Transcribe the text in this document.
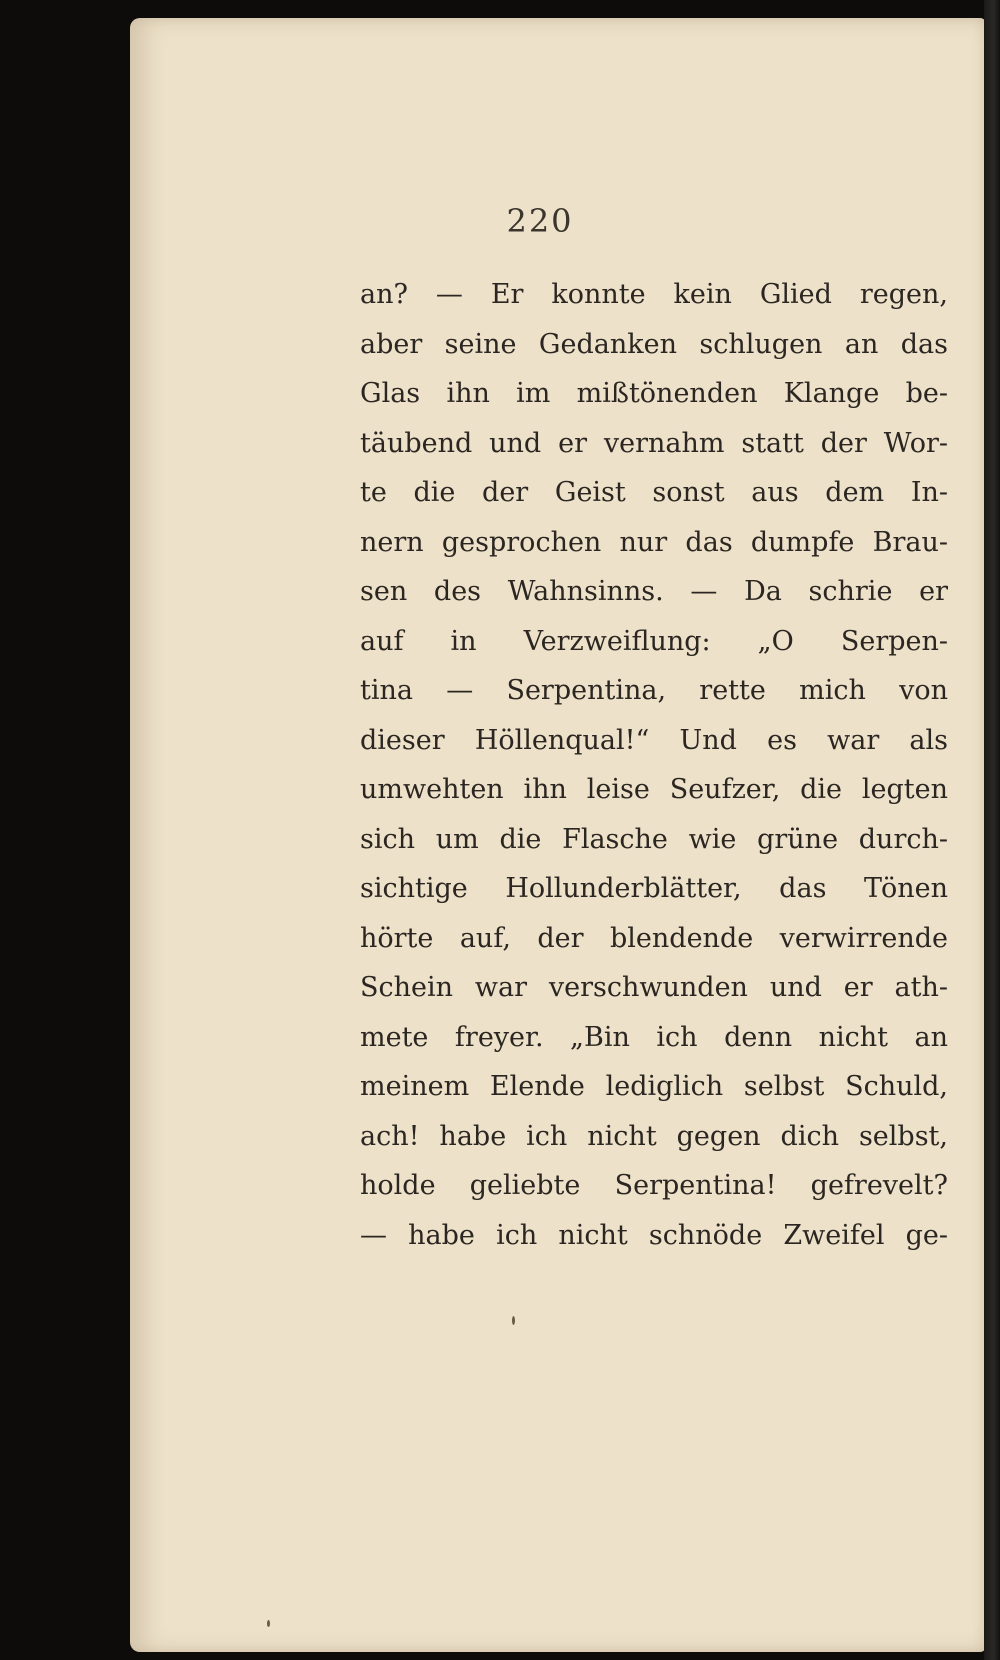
220
an? — Er konnte kein Glied regen,
aber seine Gedanken schlugen an das
Glas ihn im mißtönenden Klange be-
täubend und er vernahm statt der Wor-
te die der Geist sonst aus dem In-
nern gesprochen nur das dumpfe Brau-
sen des Wahnsinns. — Da schrie er
auf in Verzweiflung: „O Serpen-
tina — Serpentina, rette mich von
dieser Höllenqual!“ Und es war als
umwehten ihn leise Seufzer, die legten
sich um die Flasche wie grüne durch-
sichtige Hollunderblätter, das Tönen
hörte auf, der blendende verwirrende
Schein war verschwunden und er ath-
mete freyer. „Bin ich denn nicht an
meinem Elende lediglich selbst Schuld,
ach! habe ich nicht gegen dich selbst,
holde geliebte Serpentina! gefrevelt?
— habe ich nicht schnöde Zweifel ge-
